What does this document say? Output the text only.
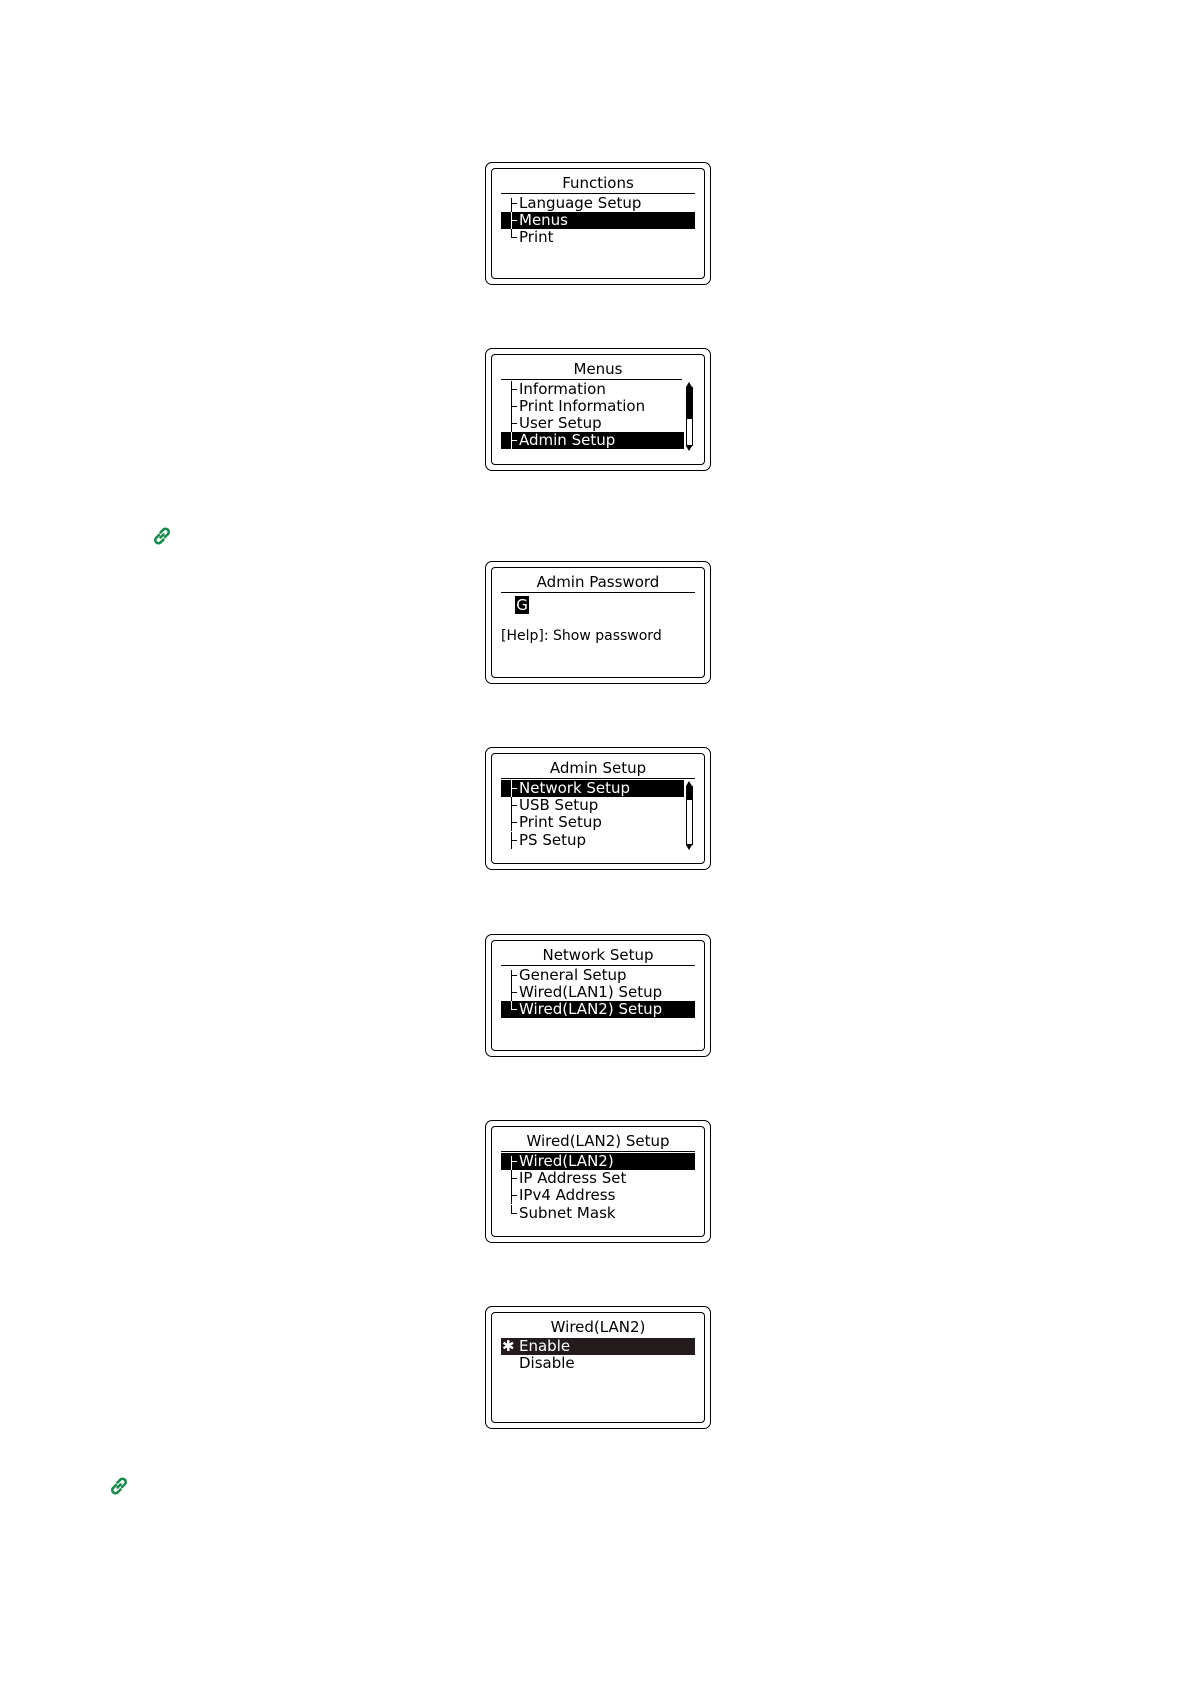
Functions
Language Setup
Menus
Print
Menus
Information
Print Information
User Setup
Admin Setup
Admin Password
G
[Help]: Show password
Admin Setup
Network Setup
USB Setup
Print Setup
PS Setup
Network Setup
General Setup
Wired(LAN1) Setup
Wired(LAN2) Setup
Wired(LAN2) Setup
Wired(LAN2)
IP Address Set
IPv4 Address
Subnet Mask
Wired(LAN2)
✱ Enable
Disable
